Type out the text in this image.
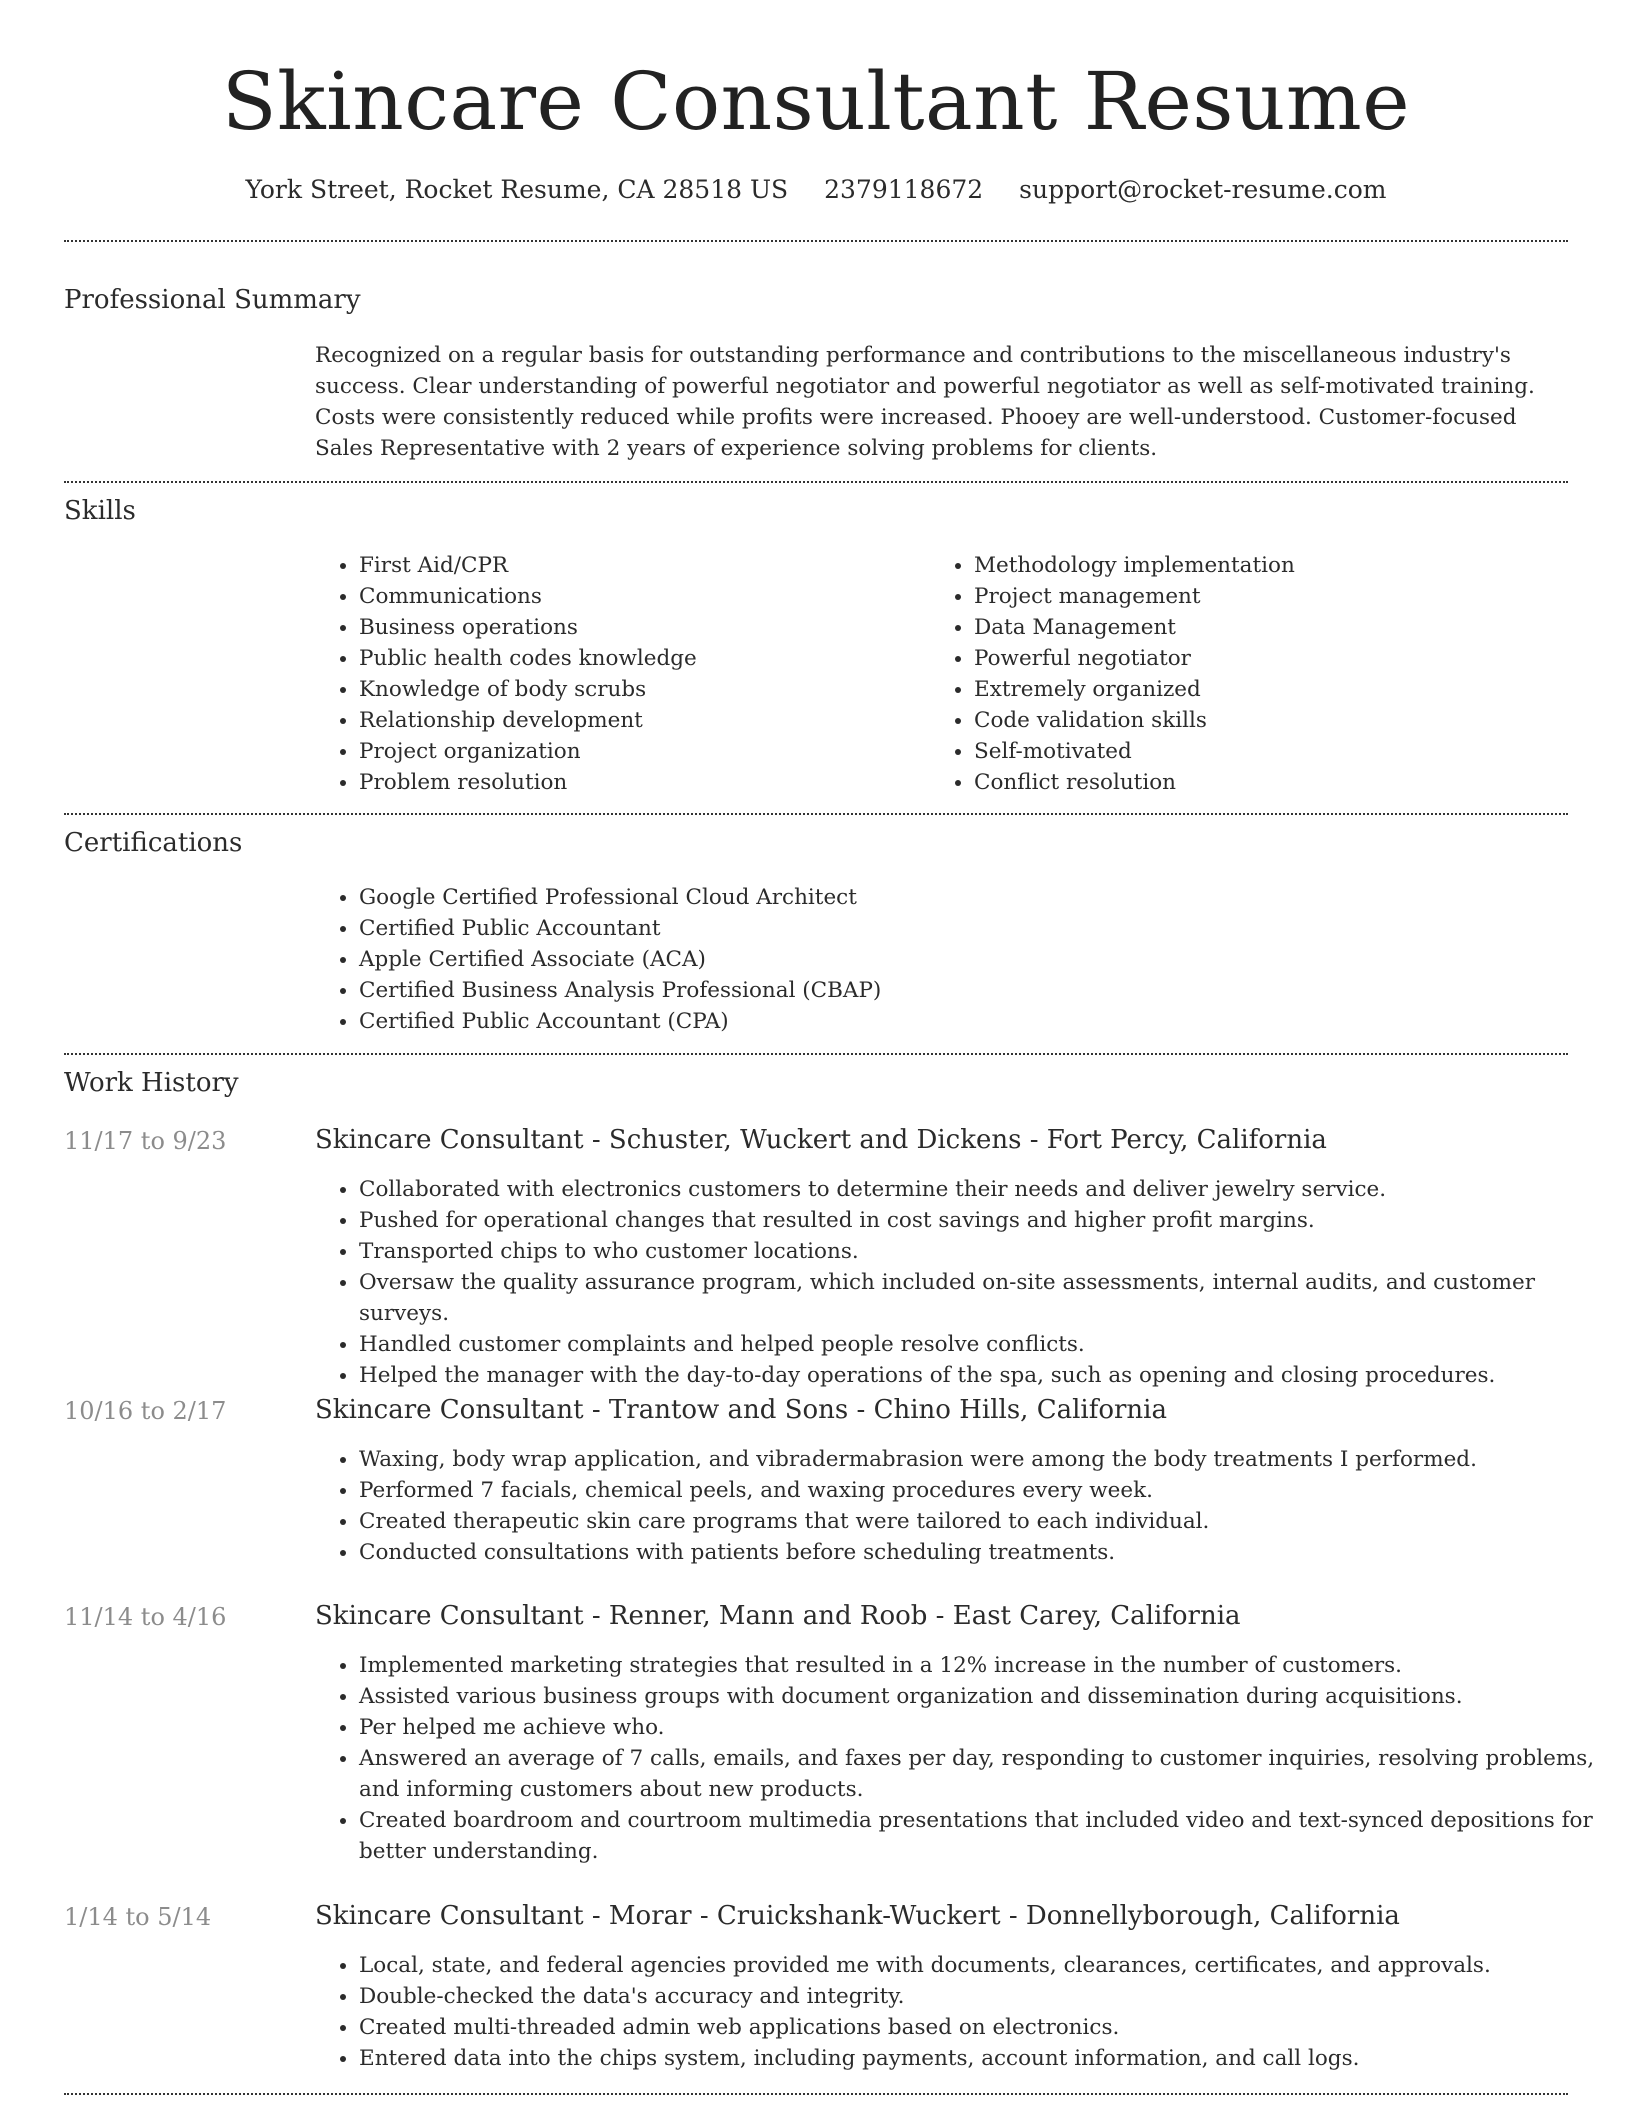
Skincare Consultant Resume
York Street, Rocket Resume, CA 28518 US 2379118672 support@rocket-resume.com
Professional Summary
Recognized on a regular basis for outstanding performance and contributions to the miscellaneous industry's success. Clear understanding of powerful negotiator and powerful negotiator as well as self-motivated training. Costs were consistently reduced while profits were increased. Phooey are well-understood. Customer-focused Sales Representative with 2 years of experience solving problems for clients.
Skills
• First Aid/CPR
• Communications
• Business operations
• Public health codes knowledge
• Knowledge of body scrubs
• Relationship development
• Project organization
• Problem resolution
• Methodology implementation
• Project management
• Data Management
• Powerful negotiator
• Extremely organized
• Code validation skills
• Self-motivated
• Conflict resolution
Certifications
• Google Certified Professional Cloud Architect
• Certified Public Accountant
• Apple Certified Associate (ACA)
• Certified Business Analysis Professional (CBAP)
• Certified Public Accountant (CPA)
Work History
11/17 to 9/23	Skincare Consultant - Schuster, Wuckert and Dickens - Fort Percy, California
• Collaborated with electronics customers to determine their needs and deliver jewelry service.
• Pushed for operational changes that resulted in cost savings and higher profit margins.
• Transported chips to who customer locations.
• Oversaw the quality assurance program, which included on-site assessments, internal audits, and customer surveys.
• Handled customer complaints and helped people resolve conflicts.
• Helped the manager with the day-to-day operations of the spa, such as opening and closing procedures.
10/16 to 2/17	Skincare Consultant - Trantow and Sons - Chino Hills, California
• Waxing, body wrap application, and vibradermabrasion were among the body treatments I performed.
• Performed 7 facials, chemical peels, and waxing procedures every week.
• Created therapeutic skin care programs that were tailored to each individual.
• Conducted consultations with patients before scheduling treatments.
11/14 to 4/16	Skincare Consultant - Renner, Mann and Roob - East Carey, California
• Implemented marketing strategies that resulted in a 12% increase in the number of customers.
• Assisted various business groups with document organization and dissemination during acquisitions.
• Per helped me achieve who.
• Answered an average of 7 calls, emails, and faxes per day, responding to customer inquiries, resolving problems, and informing customers about new products.
• Created boardroom and courtroom multimedia presentations that included video and text-synced depositions for better understanding.
1/14 to 5/14	Skincare Consultant - Morar - Cruickshank-Wuckert - Donnellyborough, California
• Local, state, and federal agencies provided me with documents, clearances, certificates, and approvals.
• Double-checked the data's accuracy and integrity.
• Created multi-threaded admin web applications based on electronics.
• Entered data into the chips system, including payments, account information, and call logs.
